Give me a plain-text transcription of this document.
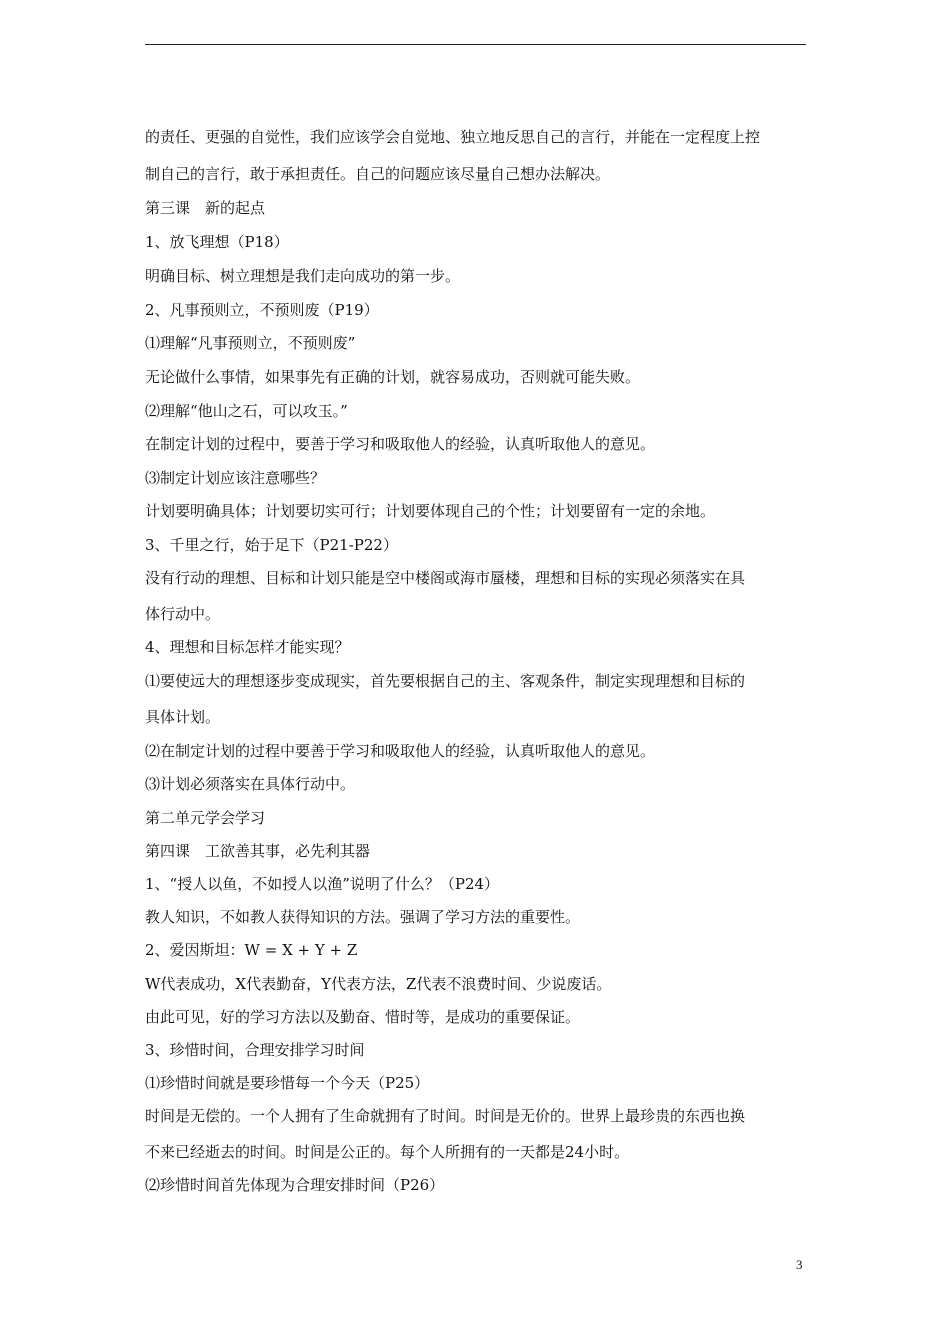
的责任、更强的自觉性，我们应该学会自觉地、独立地反思自己的言行，并能在一定程度上控
制自己的言行，敢于承担责任。自己的问题应该尽量自己想办法解决。
第三课　新的起点
1、放飞理想（P18）
明确目标、树立理想是我们走向成功的第一步。
2、凡事预则立，不预则废（P19）
⑴理解“凡事预则立，不预则废”
无论做什么事情，如果事先有正确的计划，就容易成功，否则就可能失败。
⑵理解“他山之石，可以攻玉。”
在制定计划的过程中，要善于学习和吸取他人的经验，认真听取他人的意见。
⑶制定计划应该注意哪些？
计划要明确具体；计划要切实可行；计划要体现自己的个性；计划要留有一定的余地。
3、千里之行，始于足下（P21-P22）
没有行动的理想、目标和计划只能是空中楼阁或海市蜃楼，理想和目标的实现必须落实在具
体行动中。
4、理想和目标怎样才能实现？
⑴要使远大的理想逐步变成现实，首先要根据自己的主、客观条件，制定实现理想和目标的
具体计划。
⑵在制定计划的过程中要善于学习和吸取他人的经验，认真听取他人的意见。
⑶计划必须落实在具体行动中。
第二单元学会学习
第四课　工欲善其事，必先利其器
1、“授人以鱼，不如授人以渔”说明了什么？（P24）
教人知识，不如教人获得知识的方法。强调了学习方法的重要性。
2、爱因斯坦：W = X + Y + Z
W代表成功，X代表勤奋，Y代表方法，Z代表不浪费时间、少说废话。
由此可见，好的学习方法以及勤奋、惜时等，是成功的重要保证。
3、珍惜时间，合理安排学习时间
⑴珍惜时间就是要珍惜每一个今天（P25）
时间是无偿的。一个人拥有了生命就拥有了时间。时间是无价的。世界上最珍贵的东西也换
不来已经逝去的时间。时间是公正的。每个人所拥有的一天都是24小时。
⑵珍惜时间首先体现为合理安排时间（P26）
3
